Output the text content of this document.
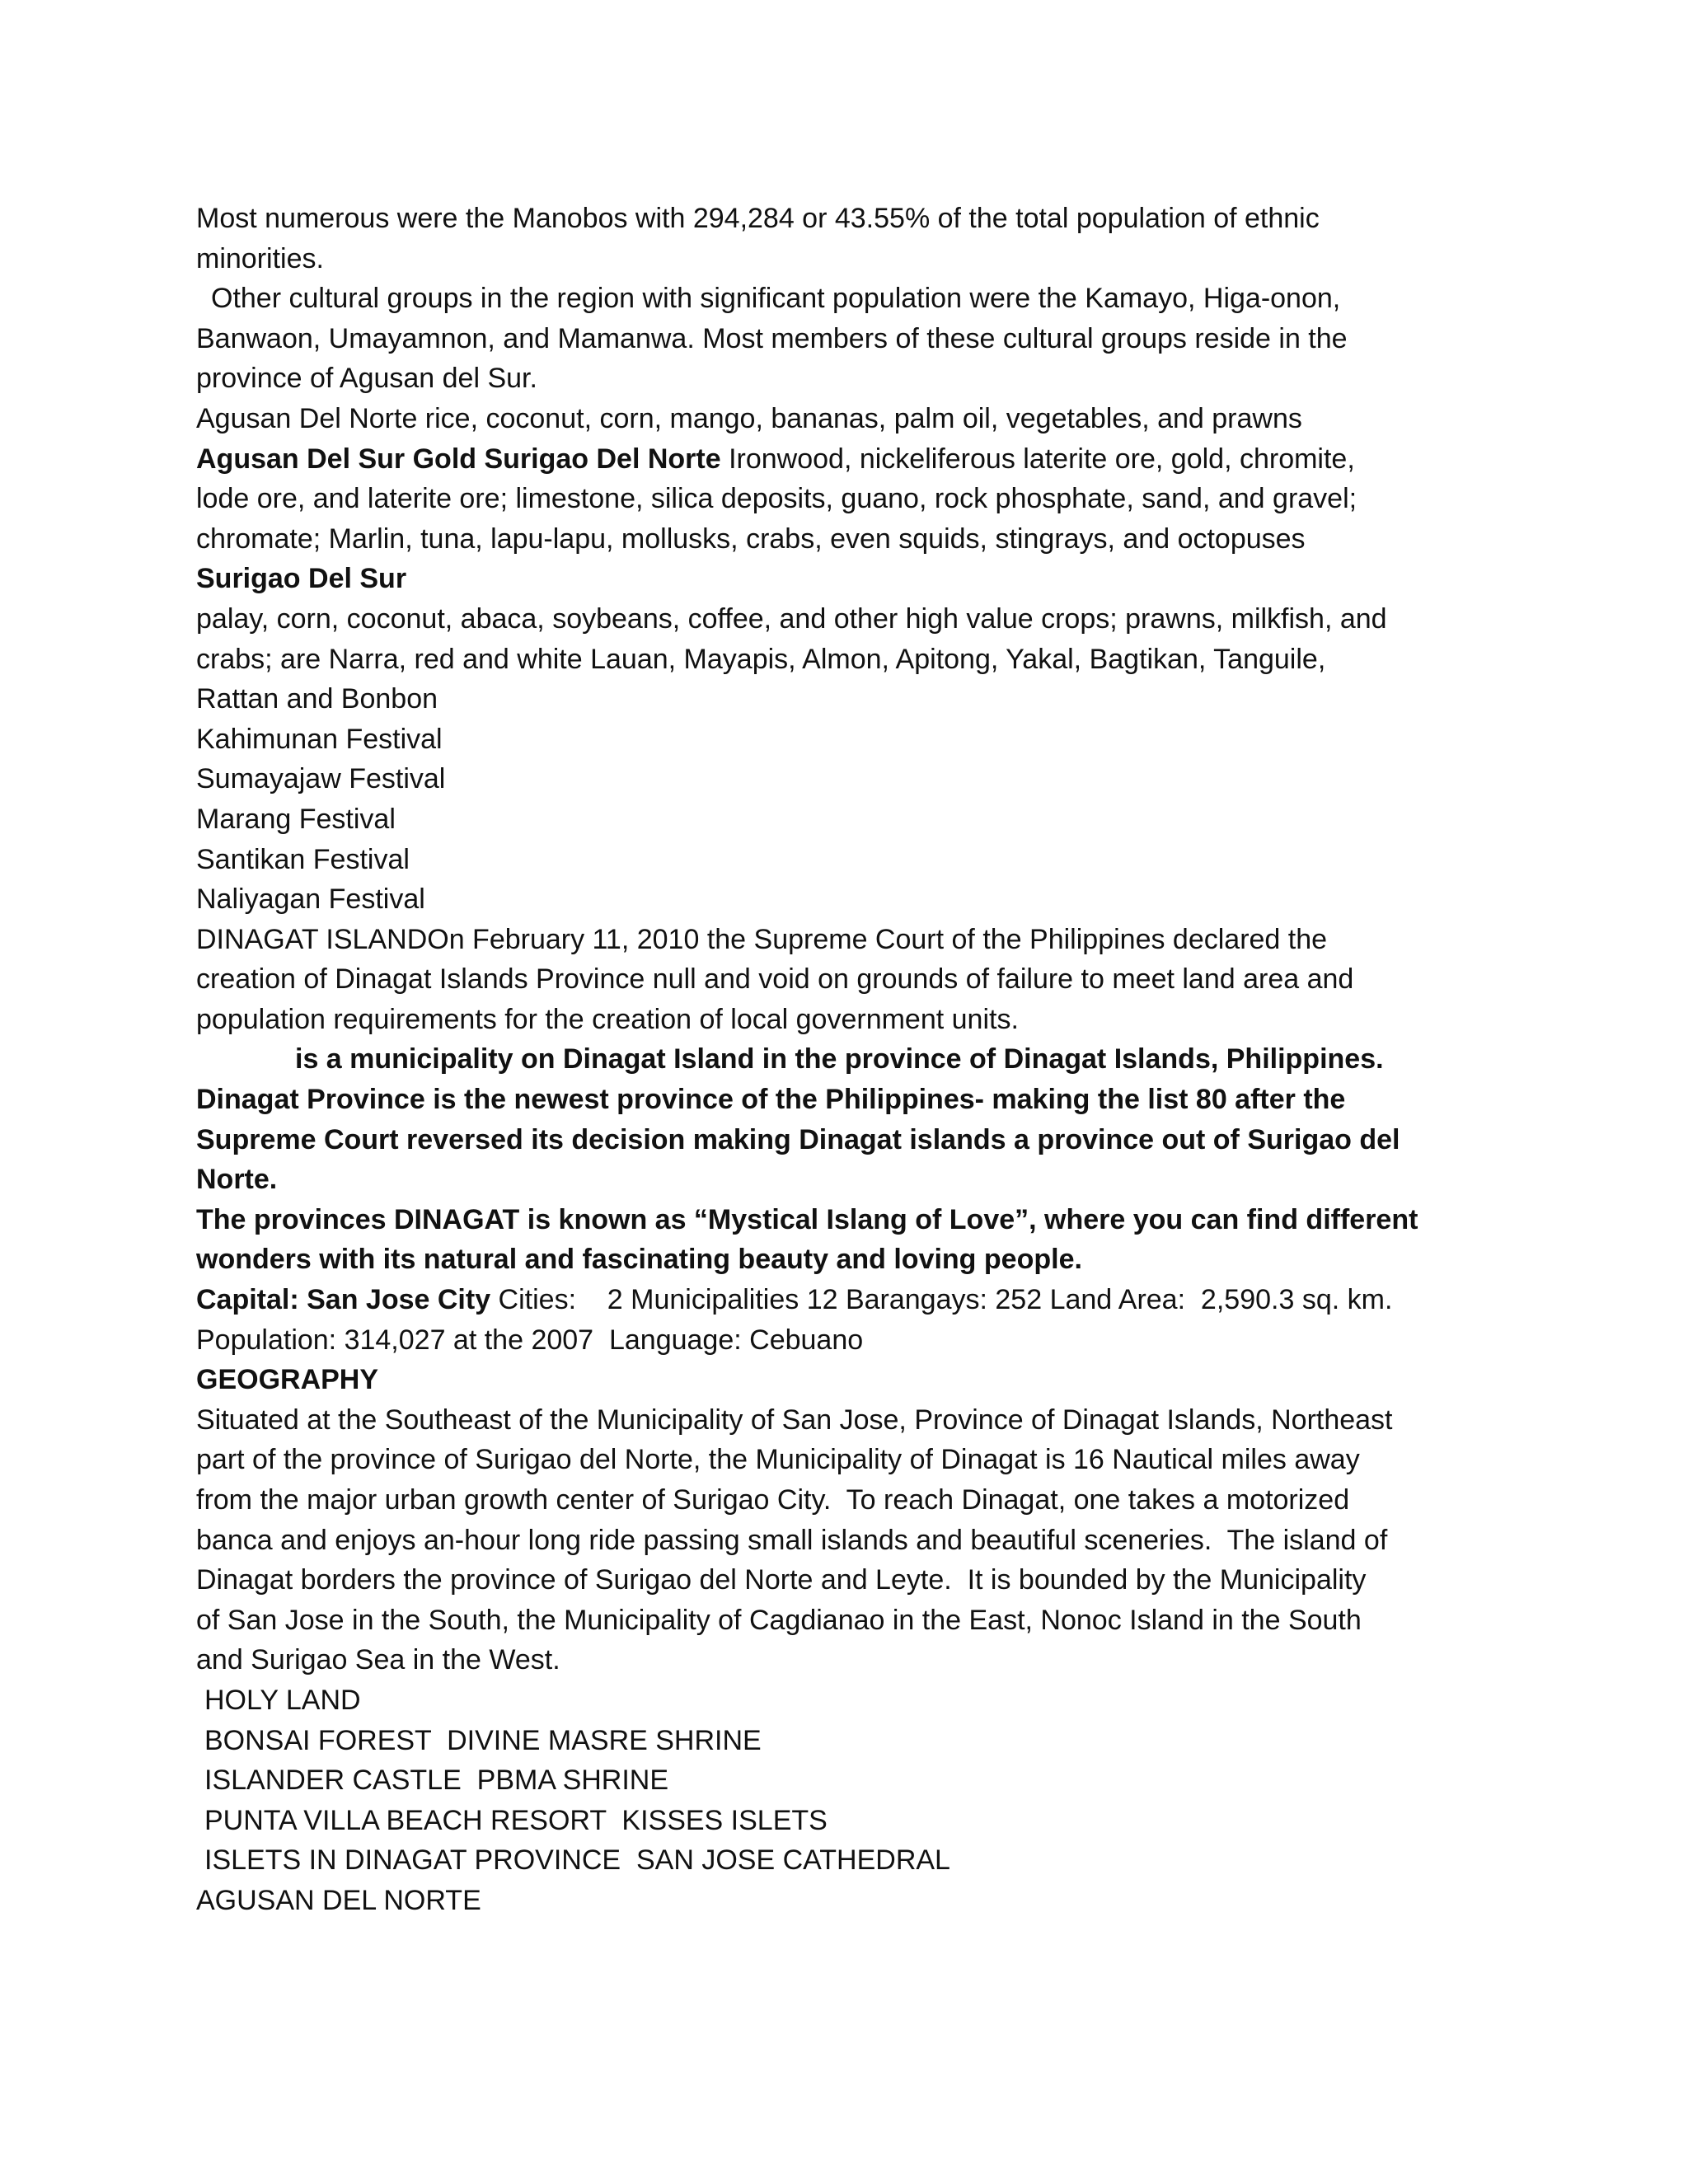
Most numerous were the Manobos with 294,284 or 43.55% of the total population of ethnic
minorities.
Other cultural groups in the region with significant population were the Kamayo, Higa-onon,
Banwaon, Umayamnon, and Mamanwa. Most members of these cultural groups reside in the
province of Agusan del Sur.
Agusan Del Norte rice, coconut, corn, mango, bananas, palm oil, vegetables, and prawns
Agusan Del Sur Gold Surigao Del Norte Ironwood, nickeliferous laterite ore, gold, chromite,
lode ore, and laterite ore; limestone, silica deposits, guano, rock phosphate, sand, and gravel;
chromate; Marlin, tuna, lapu-lapu, mollusks, crabs, even squids, stingrays, and octopuses
Surigao Del Sur
palay, corn, coconut, abaca, soybeans, coffee, and other high value crops; prawns, milkfish, and
crabs; are Narra, red and white Lauan, Mayapis, Almon, Apitong, Yakal, Bagtikan, Tanguile,
Rattan and Bonbon
Kahimunan Festival
Sumayajaw Festival
Marang Festival
Santikan Festival
Naliyagan Festival
DINAGAT ISLANDOn February 11, 2010 the Supreme Court of the Philippines declared the
creation of Dinagat Islands Province null and void on grounds of failure to meet land area and
population requirements for the creation of local government units.
is a municipality on Dinagat Island in the province of Dinagat Islands, Philippines.
Dinagat Province is the newest province of the Philippines- making the list 80 after the
Supreme Court reversed its decision making Dinagat islands a province out of Surigao del
Norte.
The provinces DINAGAT is known as “Mystical Islang of Love”, where you can find different
wonders with its natural and fascinating beauty and loving people.
Capital: San Jose City Cities:    2 Municipalities 12 Barangays: 252 Land Area:  2,590.3 sq. km.
Population: 314,027 at the 2007  Language: Cebuano
GEOGRAPHY
Situated at the Southeast of the Municipality of San Jose, Province of Dinagat Islands, Northeast
part of the province of Surigao del Norte, the Municipality of Dinagat is 16 Nautical miles away
from the major urban growth center of Surigao City.  To reach Dinagat, one takes a motorized
banca and enjoys an-hour long ride passing small islands and beautiful sceneries.  The island of
Dinagat borders the province of Surigao del Norte and Leyte.  It is bounded by the Municipality
of San Jose in the South, the Municipality of Cagdianao in the East, Nonoc Island in the South
and Surigao Sea in the West.
HOLY LAND
BONSAI FOREST  DIVINE MASRE SHRINE
ISLANDER CASTLE  PBMA SHRINE
PUNTA VILLA BEACH RESORT  KISSES ISLETS
ISLETS IN DINAGAT PROVINCE  SAN JOSE CATHEDRAL
AGUSAN DEL NORTE
